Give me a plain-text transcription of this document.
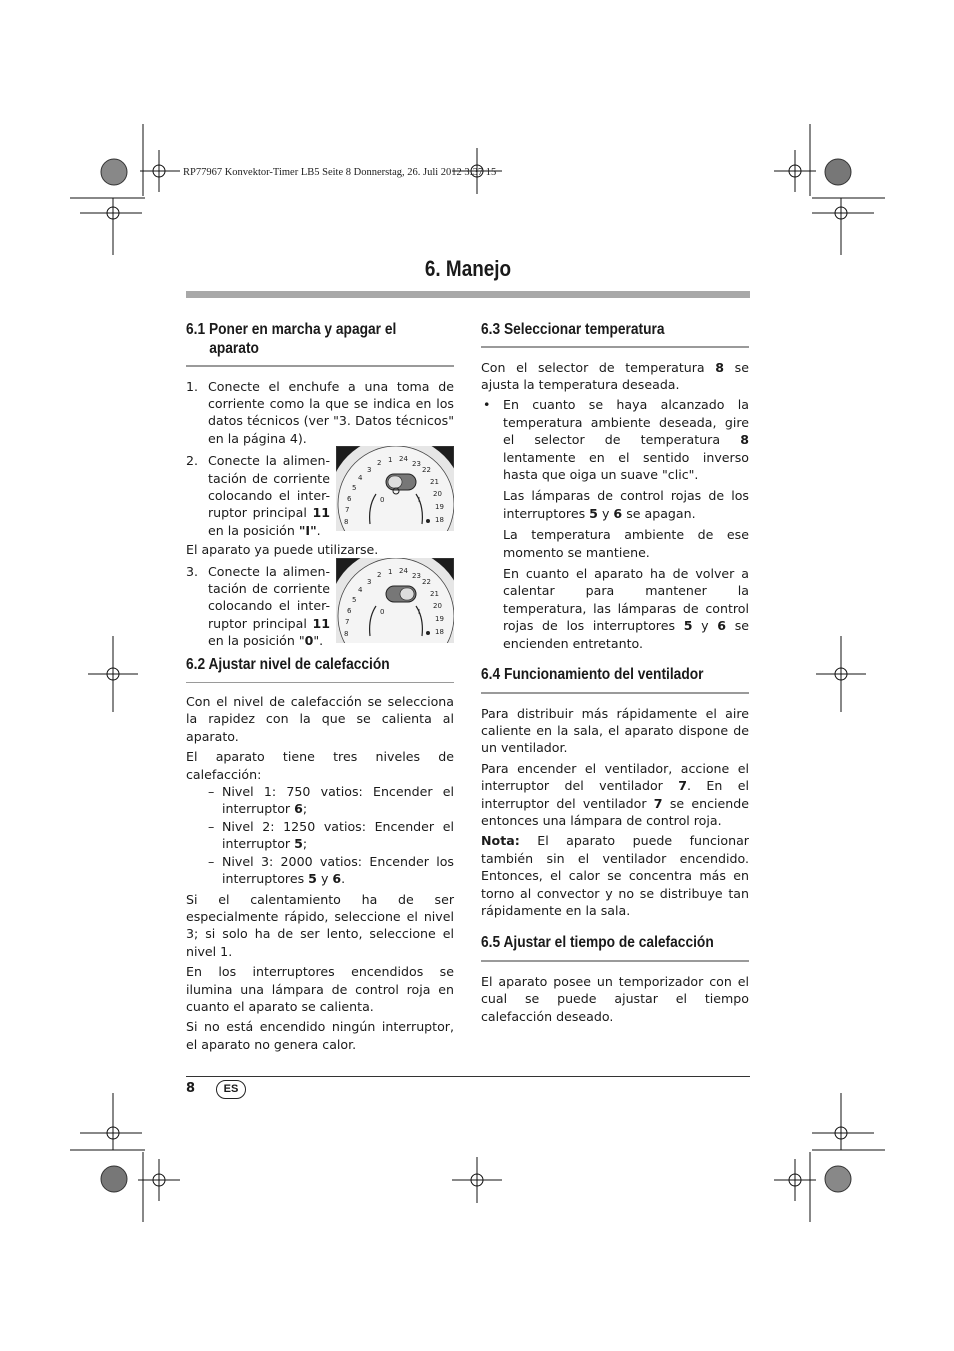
RP77967 Konvektor-Timer LB5 Seite 8 Donnerstag, 26. Juli 2012 3:37 15
6. Manejo
6.1 Poner en marcha y apagar el
aparato
1. Conecte el enchufe a una toma de corriente como la que se indica en los datos técnicos (ver "3. Datos técnicos" en la página 4).
2. Conecte la alimen-tación de corriente colocando el inter-ruptor principal 11 en la posición "I".
8
7
6
5
4
3
2 1 24
23
22
21
20
19
18
0	I

El aparato ya puede utilizarse.

3. Conecte la alimen-tación de corriente colocando el inter-ruptor principal 11 en la posición "0".	8
7
6
5
4
3
2 1 24
23
22
21
20
19
18
0	I
6.2 Ajustar nivel de calefacción

Con el nivel de calefacción se selecciona la rapidez con la que se calienta al aparato.

El aparato tiene tres niveles de calefacción:

– Nivel 1: 750 vatios: Encender el interruptor 6;
– Nivel 2: 1250 vatios: Encender el interruptor 5;
– Nivel 3: 2000 vatios: Encender los interruptores 5 y 6.

Si el calentamiento ha de ser especialmente rápido, seleccione el nivel 3; si solo ha de ser lento, seleccione el nivel 1.

En los interruptores encendidos se ilumina una lámpara de control roja en cuanto el aparato se calienta.

Si no está encendido ningún interruptor, el aparato no genera calor.

6.3 Seleccionar temperatura

Con el selector de temperatura 8 se ajusta la temperatura deseada.

• En cuanto se haya alcanzado la temperatura ambiente deseada, gire el selector de temperatura 8 lentamente en el sentido inverso hasta que oiga un suave "clic".
Las lámparas de control rojas de los interruptores 5 y 6 se apagan.
La temperatura ambiente de ese momento se mantiene.
En cuanto el aparato ha de volver a calentar para mantener la temperatura, las lámparas de control rojas de los interruptores 5 y 6 se encienden entretanto.
6.4 Funcionamiento del ventilador

Para distribuir más rápidamente el aire caliente en la sala, el aparato dispone de un ventilador.

Para encender el ventilador, accione el interruptor del ventilador 7. En el interruptor del ventilador 7 se enciende entonces una lámpara de control roja.

Nota: El aparato puede funcionar también sin el ventilador encendido. Entonces, el calor se concentra más en torno al convector y no se distribuye tan rápidamente en la sala.

6.5 Ajustar el tiempo de calefacción

El aparato posee un temporizador con el cual se puede ajustar el tiempo calefacción deseado.

8	ES
